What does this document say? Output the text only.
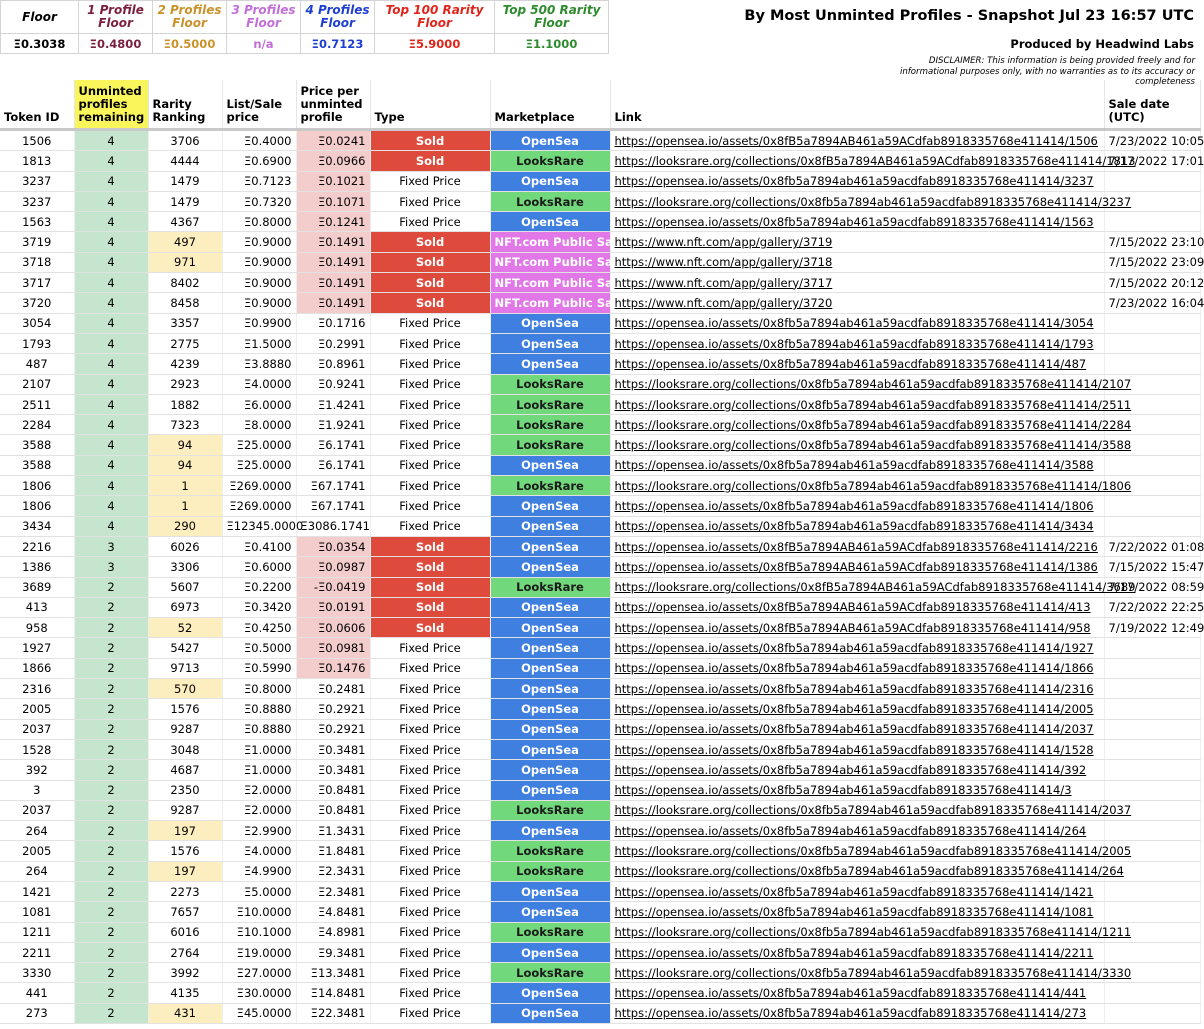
Floor	1 Profile Floor	2 Profiles Floor	3 Profiles Floor	4 Profiles Floor	Top 100 Rarity Floor	Top 500 Rarity Floor
Ξ0.3038	Ξ0.4800	Ξ0.5000	n/a	Ξ0.7123	Ξ5.9000	Ξ1.1000
By Most Unminted Profiles - Snapshot Jul 23 16:57 UTC
Produced by Headwind Labs
DISCLAIMER: This information is being provided freely and for informational purposes only, with no warranties as to its accuracy or completeness
Token ID	Unminted profiles remaining	Rarity Ranking	List/Sale price	Price per unminted profile	Type	Marketplace	Link	Sale date (UTC)
1506	4	3706	Ξ0.4000	Ξ0.0241	Sold	OpenSea	https://opensea.io/assets/0x8fB5a7894AB461a59ACdfab8918335768e411414/1506	7/23/2022 10:05
1813	4	4444	Ξ0.6900	Ξ0.0966	Sold	LooksRare	https://looksrare.org/collections/0x8fB5a7894AB461a59ACdfab8918335768e411414/1813	7/17/2022 17:01
3237	4	1479	Ξ0.7123	Ξ0.1021	Fixed Price	OpenSea	https://opensea.io/assets/0x8fb5a7894ab461a59acdfab8918335768e411414/3237	
3237	4	1479	Ξ0.7320	Ξ0.1071	Fixed Price	LooksRare	https://looksrare.org/collections/0x8fb5a7894ab461a59acdfab8918335768e411414/3237	
1563	4	4367	Ξ0.8000	Ξ0.1241	Fixed Price	OpenSea	https://opensea.io/assets/0x8fb5a7894ab461a59acdfab8918335768e411414/1563	
3719	4	497	Ξ0.9000	Ξ0.1491	Sold	NFT.com Public Sale	https://www.nft.com/app/gallery/3719	7/15/2022 23:10
3718	4	971	Ξ0.9000	Ξ0.1491	Sold	NFT.com Public Sale	https://www.nft.com/app/gallery/3718	7/15/2022 23:09
3717	4	8402	Ξ0.9000	Ξ0.1491	Sold	NFT.com Public Sale	https://www.nft.com/app/gallery/3717	7/15/2022 20:12
3720	4	8458	Ξ0.9000	Ξ0.1491	Sold	NFT.com Public Sale	https://www.nft.com/app/gallery/3720	7/23/2022 16:04
3054	4	3357	Ξ0.9900	Ξ0.1716	Fixed Price	OpenSea	https://opensea.io/assets/0x8fb5a7894ab461a59acdfab8918335768e411414/3054	
1793	4	2775	Ξ1.5000	Ξ0.2991	Fixed Price	OpenSea	https://opensea.io/assets/0x8fb5a7894ab461a59acdfab8918335768e411414/1793	
487	4	4239	Ξ3.8880	Ξ0.8961	Fixed Price	OpenSea	https://opensea.io/assets/0x8fb5a7894ab461a59acdfab8918335768e411414/487	
2107	4	2923	Ξ4.0000	Ξ0.9241	Fixed Price	LooksRare	https://looksrare.org/collections/0x8fb5a7894ab461a59acdfab8918335768e411414/2107	
2511	4	1882	Ξ6.0000	Ξ1.4241	Fixed Price	LooksRare	https://looksrare.org/collections/0x8fb5a7894ab461a59acdfab8918335768e411414/2511	
2284	4	7323	Ξ8.0000	Ξ1.9241	Fixed Price	LooksRare	https://looksrare.org/collections/0x8fb5a7894ab461a59acdfab8918335768e411414/2284	
3588	4	94	Ξ25.0000	Ξ6.1741	Fixed Price	LooksRare	https://looksrare.org/collections/0x8fb5a7894ab461a59acdfab8918335768e411414/3588	
3588	4	94	Ξ25.0000	Ξ6.1741	Fixed Price	OpenSea	https://opensea.io/assets/0x8fb5a7894ab461a59acdfab8918335768e411414/3588	
1806	4	1	Ξ269.0000	Ξ67.1741	Fixed Price	LooksRare	https://looksrare.org/collections/0x8fb5a7894ab461a59acdfab8918335768e411414/1806	
1806	4	1	Ξ269.0000	Ξ67.1741	Fixed Price	OpenSea	https://opensea.io/assets/0x8fb5a7894ab461a59acdfab8918335768e411414/1806	
3434	4	290	Ξ12345.0000	Ξ3086.1741	Fixed Price	OpenSea	https://opensea.io/assets/0x8fb5a7894ab461a59acdfab8918335768e411414/3434	
2216	3	6026	Ξ0.4100	Ξ0.0354	Sold	OpenSea	https://opensea.io/assets/0x8fB5a7894AB461a59ACdfab8918335768e411414/2216	7/22/2022 01:08
1386	3	3306	Ξ0.6000	Ξ0.0987	Sold	OpenSea	https://opensea.io/assets/0x8fB5a7894AB461a59ACdfab8918335768e411414/1386	7/15/2022 15:47
3689	2	5607	Ξ0.2200	-Ξ0.0419	Sold	LooksRare	https://looksrare.org/collections/0x8fB5a7894AB461a59ACdfab8918335768e411414/3689	7/17/2022 08:59
413	2	6973	Ξ0.3420	Ξ0.0191	Sold	OpenSea	https://opensea.io/assets/0x8fB5a7894AB461a59ACdfab8918335768e411414/413	7/22/2022 22:25
958	2	52	Ξ0.4250	Ξ0.0606	Sold	OpenSea	https://opensea.io/assets/0x8fB5a7894AB461a59ACdfab8918335768e411414/958	7/19/2022 12:49
1927	2	5427	Ξ0.5000	Ξ0.0981	Fixed Price	OpenSea	https://opensea.io/assets/0x8fb5a7894ab461a59acdfab8918335768e411414/1927	
1866	2	9713	Ξ0.5990	Ξ0.1476	Fixed Price	OpenSea	https://opensea.io/assets/0x8fb5a7894ab461a59acdfab8918335768e411414/1866	
2316	2	570	Ξ0.8000	Ξ0.2481	Fixed Price	OpenSea	https://opensea.io/assets/0x8fb5a7894ab461a59acdfab8918335768e411414/2316	
2005	2	1576	Ξ0.8880	Ξ0.2921	Fixed Price	OpenSea	https://opensea.io/assets/0x8fb5a7894ab461a59acdfab8918335768e411414/2005	
2037	2	9287	Ξ0.8880	Ξ0.2921	Fixed Price	OpenSea	https://opensea.io/assets/0x8fb5a7894ab461a59acdfab8918335768e411414/2037	
1528	2	3048	Ξ1.0000	Ξ0.3481	Fixed Price	OpenSea	https://opensea.io/assets/0x8fb5a7894ab461a59acdfab8918335768e411414/1528	
392	2	4687	Ξ1.0000	Ξ0.3481	Fixed Price	OpenSea	https://opensea.io/assets/0x8fb5a7894ab461a59acdfab8918335768e411414/392	
3	2	2350	Ξ2.0000	Ξ0.8481	Fixed Price	OpenSea	https://opensea.io/assets/0x8fb5a7894ab461a59acdfab8918335768e411414/3	
2037	2	9287	Ξ2.0000	Ξ0.8481	Fixed Price	LooksRare	https://looksrare.org/collections/0x8fb5a7894ab461a59acdfab8918335768e411414/2037	
264	2	197	Ξ2.9900	Ξ1.3431	Fixed Price	OpenSea	https://opensea.io/assets/0x8fb5a7894ab461a59acdfab8918335768e411414/264	
2005	2	1576	Ξ4.0000	Ξ1.8481	Fixed Price	LooksRare	https://looksrare.org/collections/0x8fb5a7894ab461a59acdfab8918335768e411414/2005	
264	2	197	Ξ4.9900	Ξ2.3431	Fixed Price	LooksRare	https://looksrare.org/collections/0x8fb5a7894ab461a59acdfab8918335768e411414/264	
1421	2	2273	Ξ5.0000	Ξ2.3481	Fixed Price	OpenSea	https://opensea.io/assets/0x8fb5a7894ab461a59acdfab8918335768e411414/1421	
1081	2	7657	Ξ10.0000	Ξ4.8481	Fixed Price	OpenSea	https://opensea.io/assets/0x8fb5a7894ab461a59acdfab8918335768e411414/1081	
1211	2	6016	Ξ10.1000	Ξ4.8981	Fixed Price	LooksRare	https://looksrare.org/collections/0x8fb5a7894ab461a59acdfab8918335768e411414/1211	
2211	2	2764	Ξ19.0000	Ξ9.3481	Fixed Price	OpenSea	https://opensea.io/assets/0x8fb5a7894ab461a59acdfab8918335768e411414/2211	
3330	2	3992	Ξ27.0000	Ξ13.3481	Fixed Price	LooksRare	https://looksrare.org/collections/0x8fb5a7894ab461a59acdfab8918335768e411414/3330	
441	2	4135	Ξ30.0000	Ξ14.8481	Fixed Price	OpenSea	https://opensea.io/assets/0x8fb5a7894ab461a59acdfab8918335768e411414/441	
273	2	431	Ξ45.0000	Ξ22.3481	Fixed Price	OpenSea	https://opensea.io/assets/0x8fb5a7894ab461a59acdfab8918335768e411414/273	
